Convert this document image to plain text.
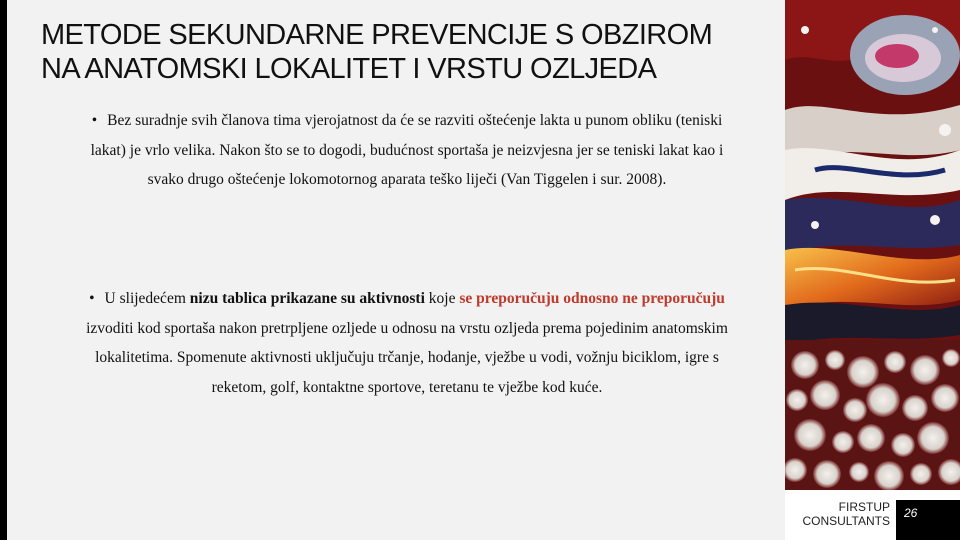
METODE SEKUNDARNE PREVENCIJE S OBZIROM
NA ANATOMSKI LOKALITET I VRSTU OZLJEDA

• Bez suradnje svih članova tima vjerojatnost da će se razviti oštećenje lakta u punom obliku (teniski lakat) je vrlo velika. Nakon što se to dogodi, budućnost sportaša je neizvjesna jer se teniski lakat kao i svako drugo oštećenje lokomotornog aparata teško liječi (Van Tiggelen i sur. 2008).

• U slijedećem nizu tablica prikazane su aktivnosti koje se preporučuju odnosno ne preporučuju izvoditi kod sportaša nakon pretrpljene ozljede u odnosu na vrstu ozljeda prema pojedinim anatomskim lokalitetima. Spomenute aktivnosti uključuju trčanje, hodanje, vježbe u vodi, vožnju biciklom, igre s reketom, golf, kontaktne sportove, teretanu te vježbe kod kuće.

FIRSTUP
CONSULTANTS
26
